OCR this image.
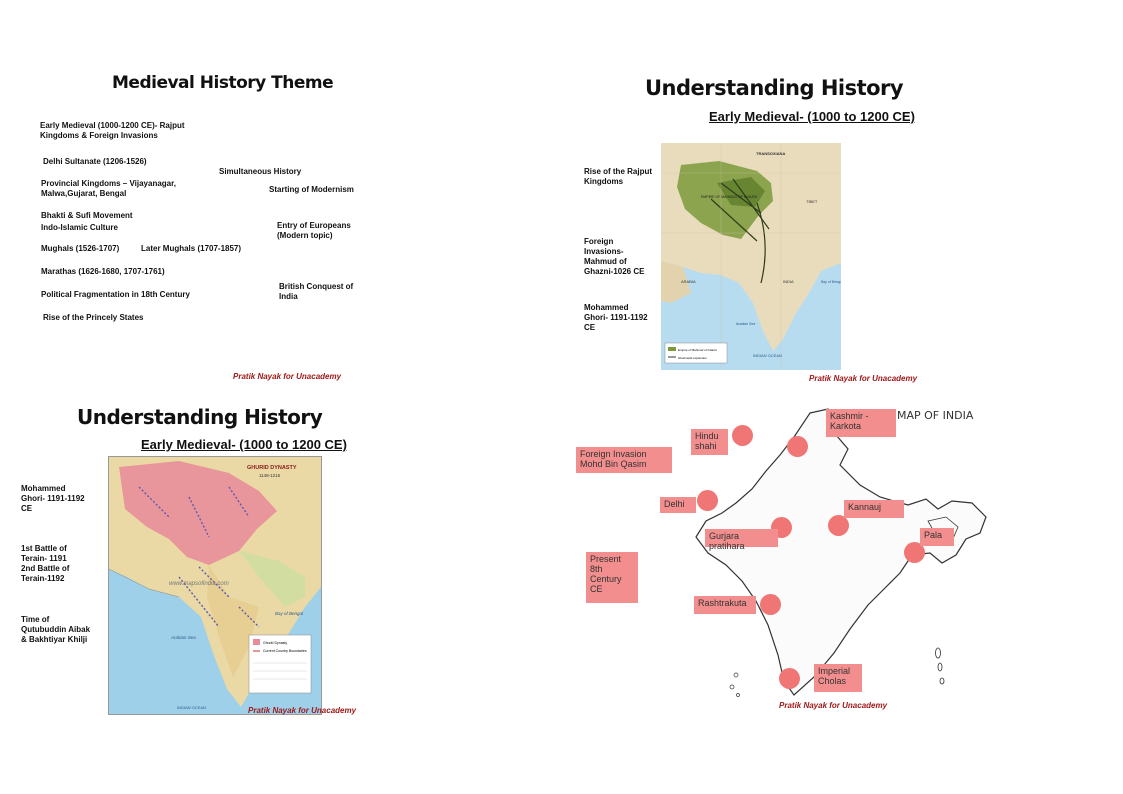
Medieval History Theme
Early Medieval (1000-1200 CE)- Rajput
Kingdoms & Foreign Invasions
Delhi Sultanate (1206-1526)
Simultaneous History
Provincial Kingdoms – Vijayanagar,
Malwa,Gujarat, Bengal	Starting of Modernism
Bhakti & Sufi Movement
Indo-Islamic Culture	Entry of Europeans
(Modern topic)
Mughals (1526-1707)	Later Mughals (1707-1857)
Marathas (1626-1680, 1707-1761)
Political Fragmentation in 18th Century
British Conquest of
India
Rise of the Princely States
Pratik Nayak for Unacademy
Understanding History
Early Medieval- (1000 to 1200 CE)
Rise of the Rajput
Kingdoms
Foreign
Invasions-
Mahmud of
Ghazni-1026 CE
Mohammed
Ghori- 1191-1192
CE
Empire of Mahmud of Ghazni
Ghaznavid expansion
TRANSOXIANA
EMPIRE OF MAHMUD OF GHAZNI
TIBET
ARABIA	INDIA
Arabian Sea
Bay of Bengal
INDIAN OCEAN
Pratik Nayak for Unacademy
Understanding History
Early Medieval- (1000 to 1200 CE)
Mohammed
Ghori- 1191-1192
CE
1st Battle of
Terain- 1191
2nd Battle of
Terain-1192
Time of
Qutubuddin Aibak
& Bakhtiyar Khilji
GHURID DYNASTY
1148-1215
www.mapsofindia.com
Arabian Sea
Bay of Bengal
INDIAN OCEAN
Ghurid Dynasty
Current Country Boundaries
Pratik Nayak for Unacademy
MAP OF INDIA
Kashmir -
Karkota
Hindu
shahi
Foreign Invasion
Mohd Bin Qasim
Delhi	Kannauj
Gurjara pratihara
Pala
Present
8th
Century
CE
Rashtrakuta
Imperial
Cholas
Pratik Nayak for Unacademy
